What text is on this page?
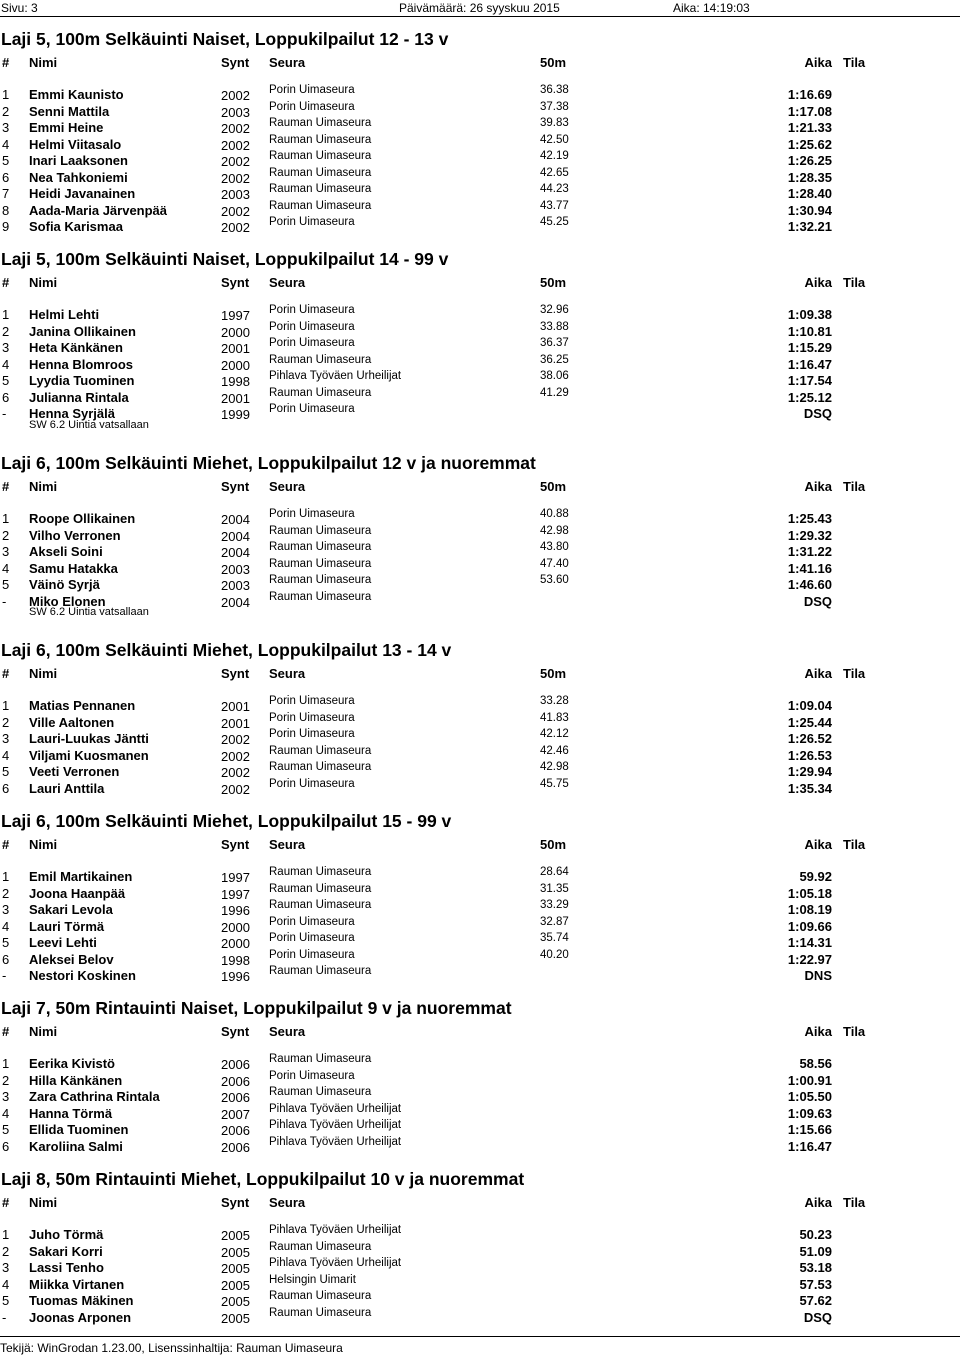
Sivu: 3	Päivämäärä: 26 syyskuu 2015	Aika: 14:19:03
Laji 5, 100m Selkäuinti Naiset, Loppukilpailut 12 - 13 v
# Nimi	Synt Seura	50m	Aika Tila
1 Emmi Kaunisto	2002 Porin Uimaseura	36.38	1:16.69
2 Senni Mattila	2003 Porin Uimaseura	37.38	1:17.08
3 Emmi Heine	2002 Rauman Uimaseura	39.83	1:21.33
4 Helmi Viitasalo	2002 Rauman Uimaseura	42.50	1:25.62
5 Inari Laaksonen	2002 Rauman Uimaseura	42.19	1:26.25
6 Nea Tahkoniemi	2002 Rauman Uimaseura	42.65	1:28.35
7 Heidi Javanainen	2003 Rauman Uimaseura	44.23	1:28.40
8 Aada-Maria Järvenpää	2002 Rauman Uimaseura	43.77	1:30.94
9 Sofia Karismaa	2002 Porin Uimaseura	45.25	1:32.21
Laji 5, 100m Selkäuinti Naiset, Loppukilpailut 14 - 99 v
# Nimi	Synt Seura	50m	Aika Tila
1 Helmi Lehti	1997 Porin Uimaseura	32.96	1:09.38
2 Janina Ollikainen	2000 Porin Uimaseura	33.88	1:10.81
3 Heta Känkänen	2001 Porin Uimaseura	36.37	1:15.29
4 Henna Blomroos	2000 Rauman Uimaseura	36.25	1:16.47
5 Lyydia Tuominen	1998 Pihlava Työväen Urheilijat	38.06	1:17.54
6 Julianna Rintala	2001 Rauman Uimaseura	41.29	1:25.12
- Henna Syrjälä	1999 Porin Uimaseura	DSQ
SW 6.2 Uintia vatsallaan
Laji 6, 100m Selkäuinti Miehet, Loppukilpailut 12 v ja nuoremmat
# Nimi	Synt Seura	50m	Aika Tila
1 Roope Ollikainen	2004 Porin Uimaseura	40.88	1:25.43
2 Vilho Verronen	2004 Rauman Uimaseura	42.98	1:29.32
3 Akseli Soini	2004 Rauman Uimaseura	43.80	1:31.22
4 Samu Hatakka	2003 Rauman Uimaseura	47.40	1:41.16
5 Väinö Syrjä	2003 Rauman Uimaseura	53.60	1:46.60
- Miko Elonen	2004 Rauman Uimaseura	DSQ
SW 6.2 Uintia vatsallaan
Laji 6, 100m Selkäuinti Miehet, Loppukilpailut 13 - 14 v
# Nimi	Synt Seura	50m	Aika Tila
1 Matias Pennanen	2001 Porin Uimaseura	33.28	1:09.04
2 Ville Aaltonen	2001 Porin Uimaseura	41.83	1:25.44
3 Lauri-Luukas Jäntti	2002 Porin Uimaseura	42.12	1:26.52
4 Viljami Kuosmanen	2002 Rauman Uimaseura	42.46	1:26.53
5 Veeti Verronen	2002 Rauman Uimaseura	42.98	1:29.94
6 Lauri Anttila	2002 Porin Uimaseura	45.75	1:35.34
Laji 6, 100m Selkäuinti Miehet, Loppukilpailut 15 - 99 v
# Nimi	Synt Seura	50m	Aika Tila
1 Emil Martikainen	1997 Rauman Uimaseura	28.64	59.92
2 Joona Haanpää	1997 Rauman Uimaseura	31.35	1:05.18
3 Sakari Levola	1996 Rauman Uimaseura	33.29	1:08.19
4 Lauri Törmä	2000 Porin Uimaseura	32.87	1:09.66
5 Leevi Lehti	2000 Porin Uimaseura	35.74	1:14.31
6 Aleksei Belov	1998 Porin Uimaseura	40.20	1:22.97
- Nestori Koskinen	1996 Rauman Uimaseura	DNS
Laji 7, 50m Rintauinti Naiset, Loppukilpailut 9 v ja nuoremmat
# Nimi	Synt Seura	Aika Tila
1 Eerika Kivistö	2006 Rauman Uimaseura	58.56
2 Hilla Känkänen	2006 Porin Uimaseura	1:00.91
3 Zara Cathrina Rintala	2006 Rauman Uimaseura	1:05.50
4 Hanna Törmä	2007 Pihlava Työväen Urheilijat	1:09.63
5 Ellida Tuominen	2006 Pihlava Työväen Urheilijat	1:15.66
6 Karoliina Salmi	2006 Pihlava Työväen Urheilijat	1:16.47
Laji 8, 50m Rintauinti Miehet, Loppukilpailut 10 v ja nuoremmat
# Nimi	Synt Seura	Aika Tila
1 Juho Törmä	2005 Pihlava Työväen Urheilijat	50.23
2 Sakari Korri	2005 Rauman Uimaseura	51.09
3 Lassi Tenho	2005 Pihlava Työväen Urheilijat	53.18
4 Miikka Virtanen	2005 Helsingin Uimarit	57.53
5 Tuomas Mäkinen	2005 Rauman Uimaseura	57.62
- Joonas Arponen	2005 Rauman Uimaseura	DSQ
Tekijä: WinGrodan 1.23.00, Lisenssinhaltija: Rauman Uimaseura
